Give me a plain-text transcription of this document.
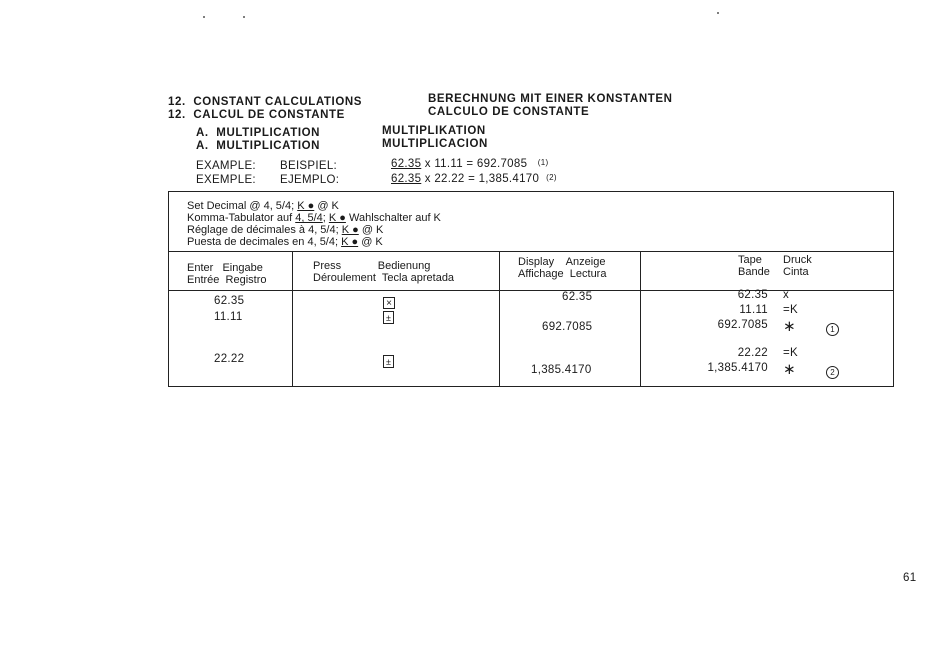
12. CONSTANT CALCULATIONS
12. CALCUL DE CONSTANTE
BERECHNUNG MIT EINER KONSTANTEN
CALCULO DE CONSTANTE
A. MULTIPLICATION
A. MULTIPLICATION
MULTIPLIKATION
MULTIPLICACION
EXAMPLE: BEISPIEL:
EXEMPLE: EJEMPLO:
62.35 x 11.11 = 692.7085 (1)
62.35 x 22.22 = 1,385.4170 (2)
Set Decimal @ 4, 5/4; K ● @ K
Komma-Tabulator auf 4, 5/4; K ● Wahlschalter auf K
Réglage de décimales à 4, 5/4; K ● @ K
Puesta de decimales en 4, 5/4; K ● @ K
Enter   Eingabe
Entrée  Registro
Press            Bedienung
Déroulement  Tecla apretada
Display    Anzeige
Affichage  Lectura
Tape Druck
Bande Cinta
62.35
11.11
22.22
×
±
±
62.35
692.7085
1,385.4170
62.35
11.11
692.7085
22.22
1,385.4170
x
=K
∗
=K
∗
1
2
61
